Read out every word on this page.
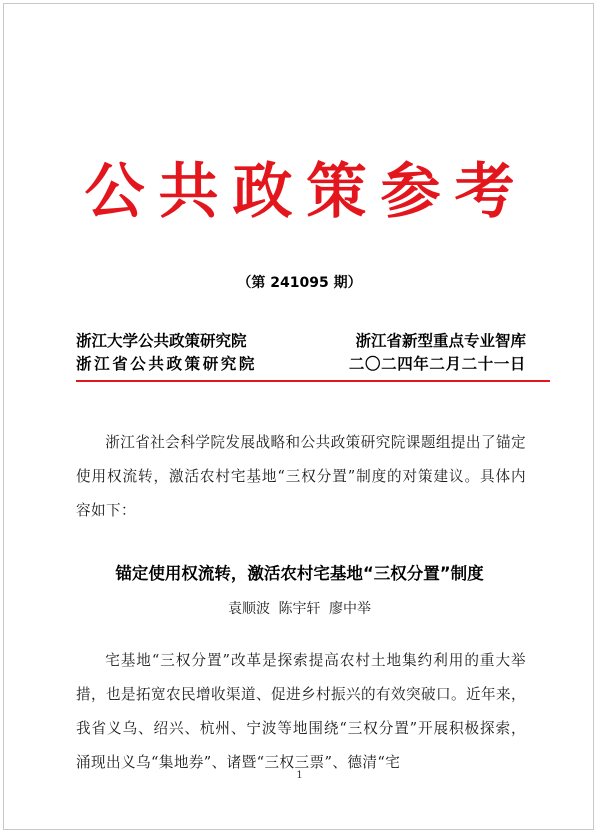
公共政策参考
（第 241095 期）
浙江大学公共政策研究院	浙江省新型重点专业智库
浙江省公共政策研究院	二〇二四年二月二十一日

浙江省社会科学院发展战略和公共政策研究院课题组提出了锚定使用权流转，激活农村宅基地“三权分置”制度的对策建议。具体内容如下：

锚定使用权流转，激活农村宅基地“三权分置”制度
袁顺波 陈宇轩 廖中举

宅基地“三权分置”改革是探索提高农村土地集约利用的重大举措，也是拓宽农民增收渠道、促进乡村振兴的有效突破口。近年来，我省义乌、绍兴、杭州、宁波等地围绕“三权分置”开展积极探索，涌现出义乌“集地券”、诸暨“三权三票”、德清“宅

1
